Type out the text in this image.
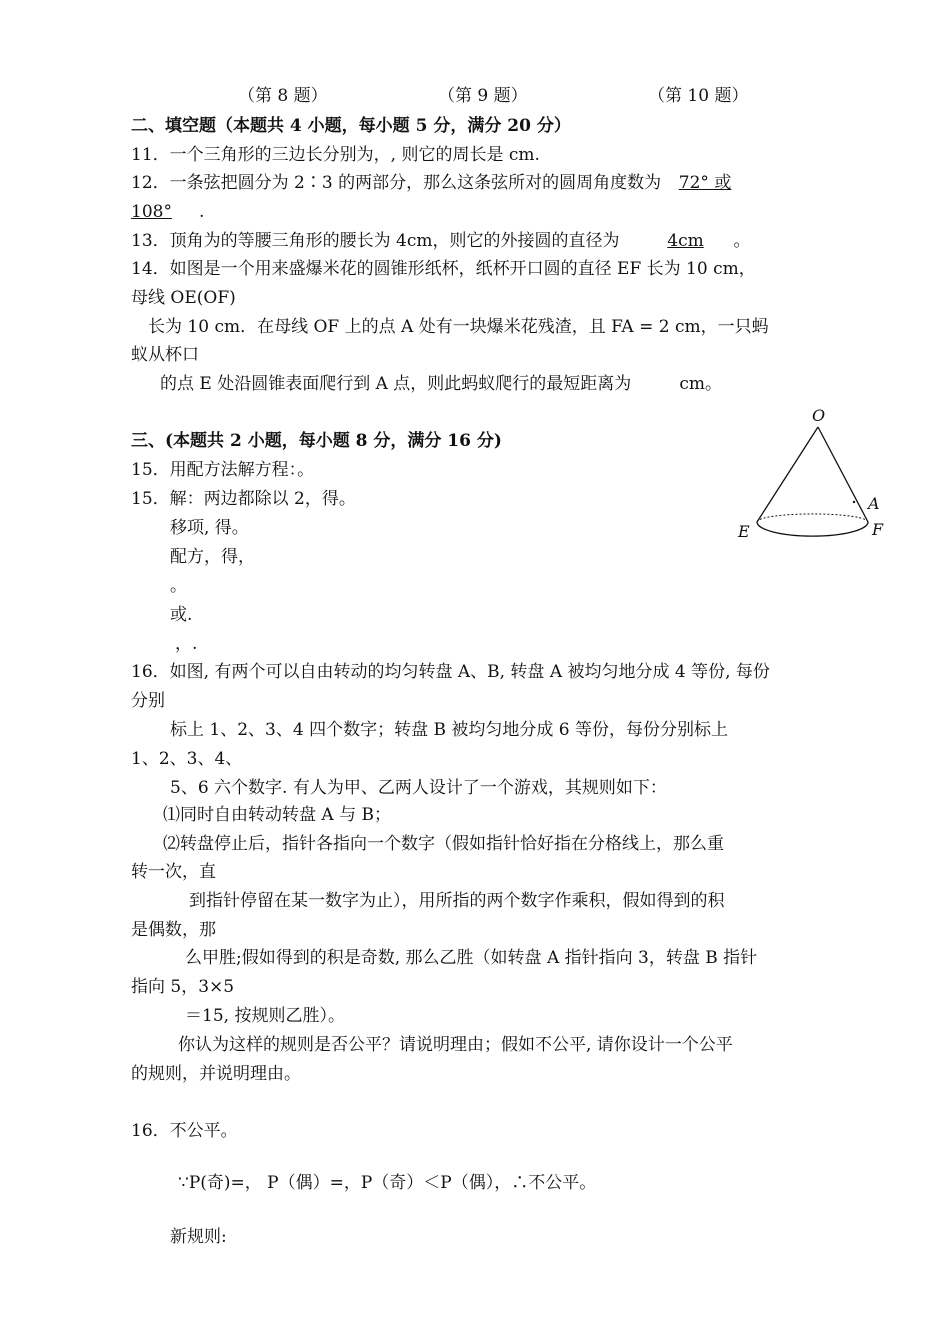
（第 8 题）	（第 9 题）	（第 10 题）
二、填空题（本题共 4 小题，每小题 5 分，满分 20 分）
11．一个三角形的三边长分别为，, 则它的周长是 cm.
12．一条弦把圆分为 2∶3 的两部分，那么这条弦所对的圆周角度数为 72° 或
108° .
13．顶角为的等腰三角形的腰长为 4cm，则它的外接圆的直径为	4cm 。
14．如图是一个用来盛爆米花的圆锥形纸杯，纸杯开口圆的直径 EF 长为 10 cm，
母线 OE(OF)
长为 10 cm．在母线 OF 上的点 A 处有一块爆米花残渣，且 FA = 2 cm，一只蚂
蚁从杯口
的点 E 处沿圆锥表面爬行到 A 点，则此蚂蚁爬行的最短距离为	cm。
O
A
E	F
三、(本题共 2 小题，每小题 8 分，满分 16 分)
15．用配方法解方程：。
15．解：两边都除以 2，得。
移项, 得。
配方，得，
。
或.
，.
16．如图, 有两个可以自由转动的均匀转盘 A、B, 转盘 A 被均匀地分成 4 等份, 每份
分别
标上 1、2、3、4 四个数字；转盘 B 被均匀地分成 6 等份，每份分别标上
1、2、3、4、
5、6 六个数字. 有人为甲、乙两人设计了一个游戏，其规则如下：
⑴同时自由转动转盘 A 与 B；
⑵转盘停止后，指针各指向一个数字（假如指针恰好指在分格线上，那么重
转一次，直
到指针停留在某一数字为止），用所指的两个数字作乘积，假如得到的积
是偶数，那
么甲胜;假如得到的积是奇数, 那么乙胜（如转盘 A 指针指向 3，转盘 B 指针
指向 5，3×5
＝15, 按规则乙胜）。
你认为这样的规则是否公平？请说明理由；假如不公平, 请你设计一个公平
的规则，并说明理由。
16．不公平。
∵P(奇)=， P（偶）=，P（奇）＜P（偶），∴不公平。
新规则:
